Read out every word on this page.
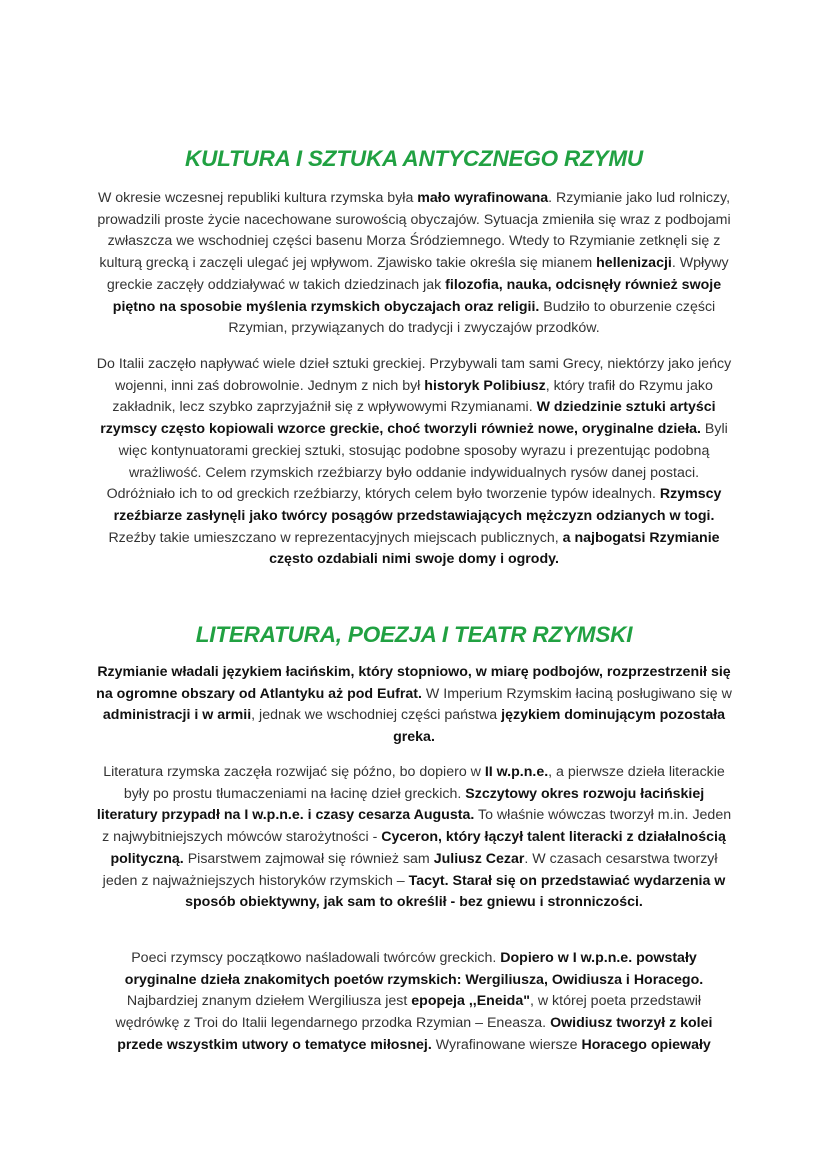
KULTURA I SZTUKA ANTYCZNEGO RZYMU

W okresie wczesnej republiki kultura rzymska była mało wyrafinowana. Rzymianie jako lud rolniczy, prowadzili proste życie nacechowane surowością obyczajów. Sytuacja zmieniła się wraz z podbojami zwłaszcza we wschodniej części basenu Morza Śródziemnego. Wtedy to Rzymianie zetknęli się z kulturą grecką i zaczęli ulegać jej wpływom. Zjawisko takie określa się mianem hellenizacji. Wpływy greckie zaczęły oddziaływać w takich dziedzinach jak filozofia, nauka, odcisnęły również swoje piętno na sposobie myślenia rzymskich obyczajach oraz religii. Budziło to oburzenie części Rzymian, przywiązanych do tradycji i zwyczajów przodków.

Do Italii zaczęło napływać wiele dzieł sztuki greckiej. Przybywali tam sami Grecy, niektórzy jako jeńcy wojenni, inni zaś dobrowolnie. Jednym z nich był historyk Polibiusz, który trafił do Rzymu jako zakładnik, lecz szybko zaprzyjaźnił się z wpływowymi Rzymianami. W dziedzinie sztuki artyści rzymscy często kopiowali wzorce greckie, choć tworzyli również nowe, oryginalne dzieła. Byli więc kontynuatorami greckiej sztuki, stosując podobne sposoby wyrazu i prezentując podobną wrażliwość. Celem rzymskich rzeźbiarzy było oddanie indywidualnych rysów danej postaci. Odróżniało ich to od greckich rzeźbiarzy, których celem było tworzenie typów idealnych. Rzymscy rzeźbiarze zasłynęli jako twórcy posągów przedstawiających mężczyzn odzianych w togi. Rzeźby takie umieszczano w reprezentacyjnych miejscach publicznych, a najbogatsi Rzymianie często ozdabiali nimi swoje domy i ogrody.

LITERATURA, POEZJA I TEATR RZYMSKI

Rzymianie władali językiem łacińskim, który stopniowo, w miarę podbojów, rozprzestrzenił się na ogromne obszary od Atlantyku aż pod Eufrat. W Imperium Rzymskim łaciną posługiwano się w administracji i w armii, jednak we wschodniej części państwa językiem dominującym pozostała greka.

Literatura rzymska zaczęła rozwijać się późno, bo dopiero w II w.p.n.e., a pierwsze dzieła literackie były po prostu tłumaczeniami na łacinę dzieł greckich. Szczytowy okres rozwoju łacińskiej literatury przypadł na I w.p.n.e. i czasy cesarza Augusta. To właśnie wówczas tworzył m.in. Jeden z najwybitniejszych mówców starożytności - Cyceron, który łączył talent literacki z działalnością polityczną. Pisarstwem zajmował się również sam Juliusz Cezar. W czasach cesarstwa tworzył jeden z najważniejszych historyków rzymskich – Tacyt. Starał się on przedstawiać wydarzenia w sposób obiektywny, jak sam to określił - bez gniewu i stronniczości.

Poeci rzymscy początkowo naśladowali twórców greckich. Dopiero w I w.p.n.e. powstały oryginalne dzieła znakomitych poetów rzymskich: Wergiliusza, Owidiusza i Horacego. Najbardziej znanym dziełem Wergiliusza jest epopeja ,,Eneida", w której poeta przedstawił wędrówkę z Troi do Italii legendarnego przodka Rzymian – Eneasza. Owidiusz tworzył z kolei przede wszystkim utwory o tematyce miłosnej. Wyrafinowane wiersze Horacego opiewały
